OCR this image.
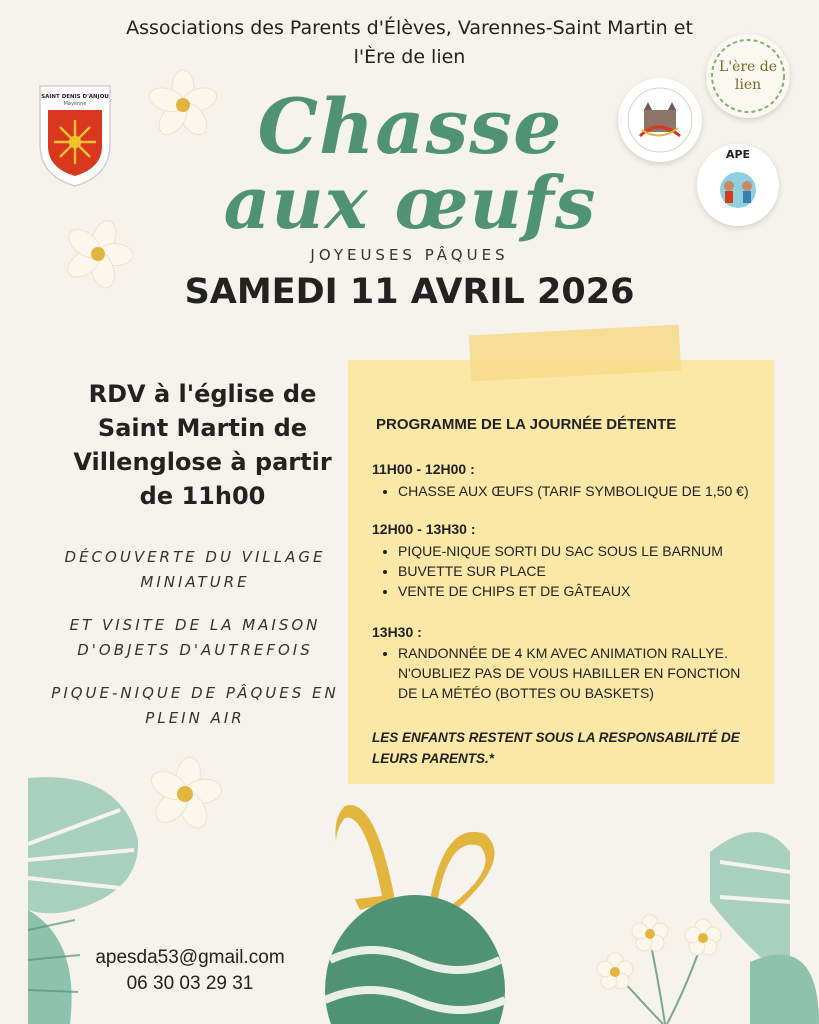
Associations des Parents d'Élèves, Varennes-Saint Martin et
l'Ère de lien
SAINT DENIS D'ANJOU
Mayenne	Chasse
aux œufs
L'ère de lien
APE
JOYEUSES PÂQUES
SAMEDI 11 AVRIL 2026
RDV à l'église de
Saint Martin de
Villenglose à partir
de 11h00
DÉCOUVERTE DU VILLAGE
MINIATURE
ET VISITE DE LA MAISON
D'OBJETS D'AUTREFOIS
PIQUE-NIQUE DE PÂQUES EN
PLEIN AIR
PROGRAMME DE LA JOURNÉE DÉTENTE
11H00 - 12H00 :
• CHASSE AUX ŒUFS (TARIF SYMBOLIQUE DE 1,50 €)
12H00 - 13H30 :
• PIQUE-NIQUE SORTI DU SAC SOUS LE BARNUM
• BUVETTE SUR PLACE
• VENTE DE CHIPS ET DE GÂTEAUX
13H30 :
• RANDONNÉE DE 4 KM AVEC ANIMATION RALLYE. N'OUBLIEZ PAS DE VOUS HABILLER EN FONCTION DE LA MÉTÉO (BOTTES OU BASKETS)
LES ENFANTS RESTENT SOUS LA RESPONSABILITÉ DE LEURS PARENTS.*
apesda53@gmail.com
06 30 03 29 31
